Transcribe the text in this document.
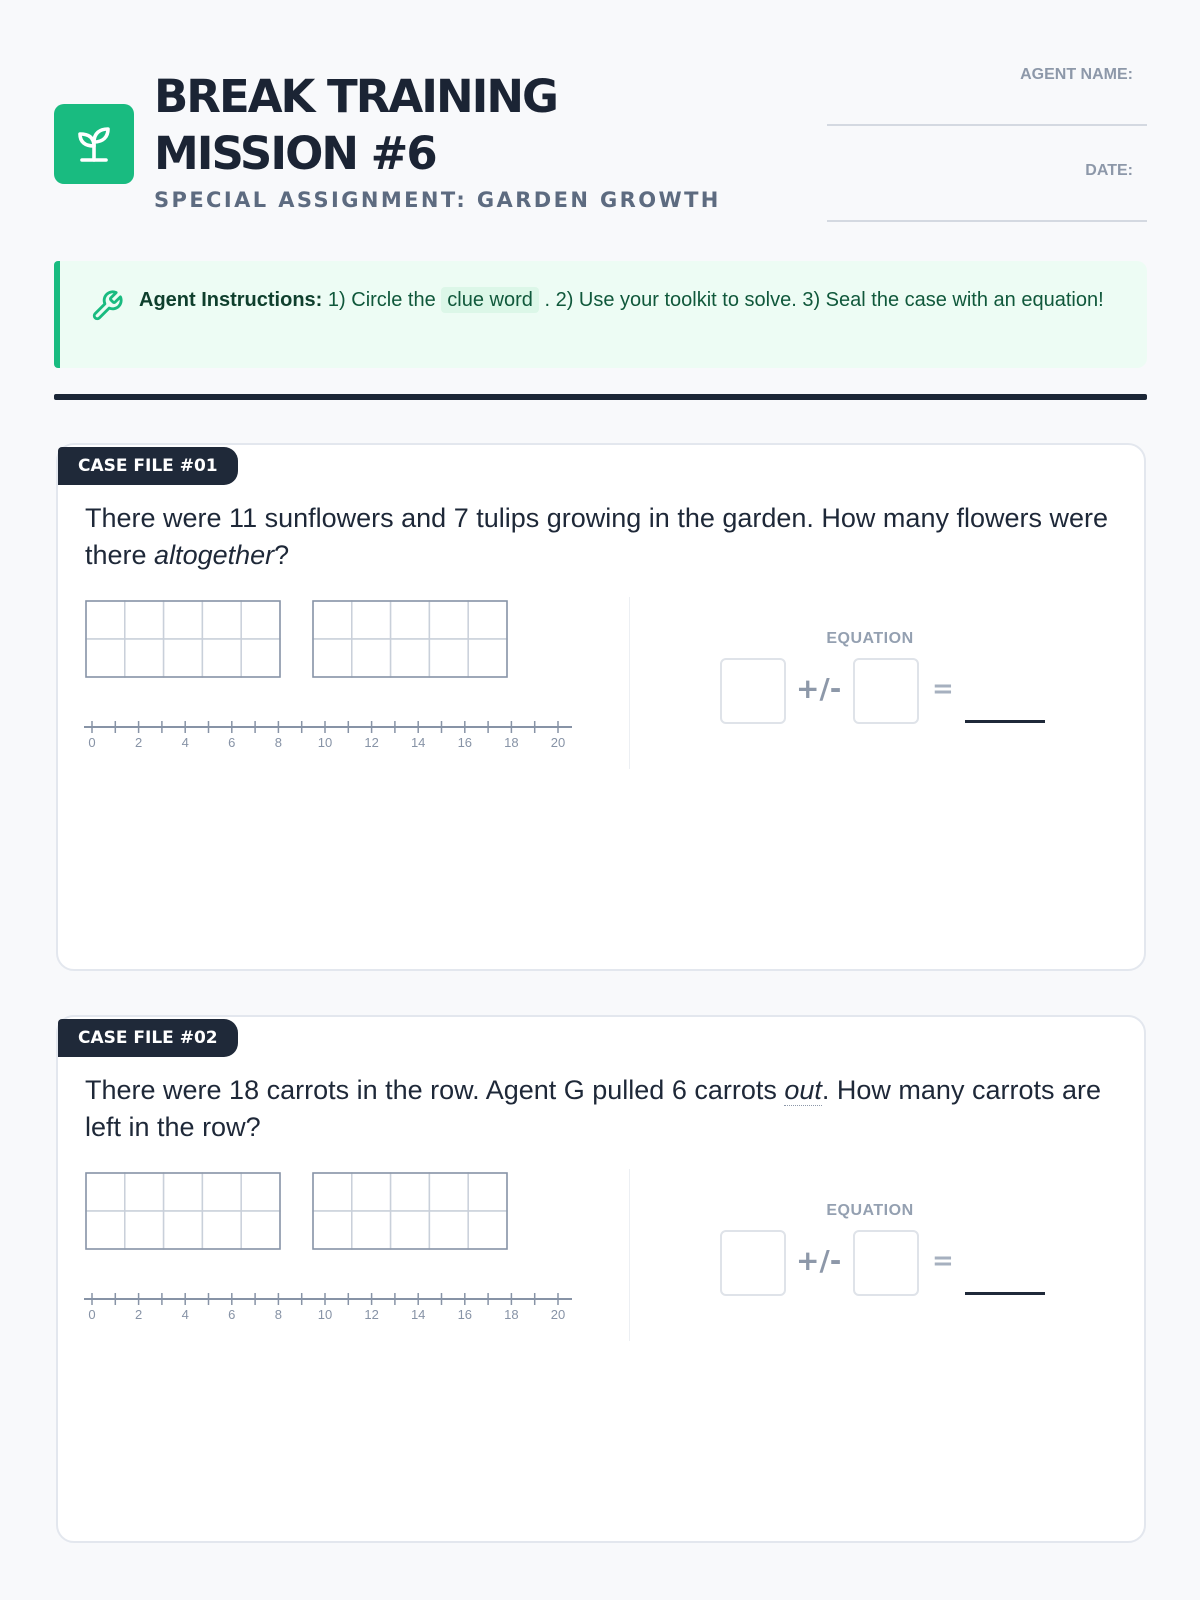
BREAK TRAINING
MISSION #6
SPECIAL ASSIGNMENT: GARDEN GROWTH
AGENT NAME:
DATE:
Agent Instructions: 1) Circle the clue word . 2) Use your toolkit to solve. 3) Seal the case with an equation!
CASE FILE #01
There were 11 sunflowers and 7 tulips growing in the garden. How many flowers were there altogether?
0	2	4	6	8	10 12 14 16 18 20
EQUATION
+/-	=
CASE FILE #02
There were 18 carrots in the row. Agent G pulled 6 carrots out. How many carrots are left in the row?
0	2	4	6	8	10 12 14 16 18 20
EQUATION
+/-	=
